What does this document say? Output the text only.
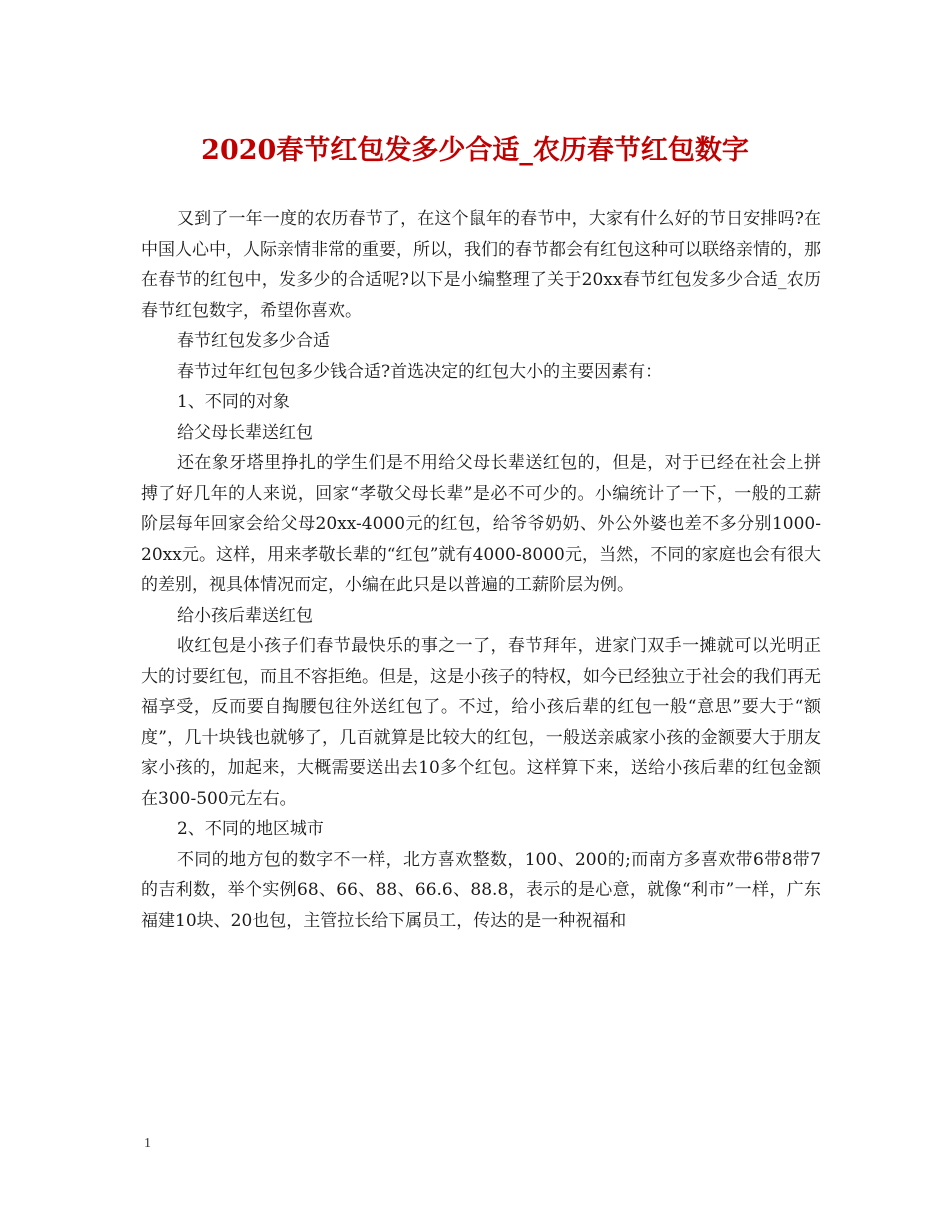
2020春节红包发多少合适_农历春节红包数字

又到了一年一度的农历春节了，在这个鼠年的春节中，大家有什么好的节日安排吗?在中国人心中，人际亲情非常的重要，所以，我们的春节都会有红包这种可以联络亲情的，那在春节的红包中，发多少的合适呢?以下是小编整理了关于20xx春节红包发多少合适_农历春节红包数字，希望你喜欢。

春节红包发多少合适

春节过年红包包多少钱合适?首选决定的红包大小的主要因素有：

1、不同的对象

给父母长辈送红包

还在象牙塔里挣扎的学生们是不用给父母长辈送红包的，但是，对于已经在社会上拼搏了好几年的人来说，回家“孝敬父母长辈”是必不可少的。小编统计了一下，一般的工薪阶层每年回家会给父母20xx-4000元的红包，给爷爷奶奶、外公外婆也差不多分别1000-20xx元。这样，用来孝敬长辈的“红包”就有4000-8000元，当然，不同的家庭也会有很大的差别，视具体情况而定，小编在此只是以普遍的工薪阶层为例。

给小孩后辈送红包

收红包是小孩子们春节最快乐的事之一了，春节拜年，进家门双手一摊就可以光明正大的讨要红包，而且不容拒绝。但是，这是小孩子的特权，如今已经独立于社会的我们再无福享受，反而要自掏腰包往外送红包了。不过，给小孩后辈的红包一般“意思”要大于“额度”，几十块钱也就够了，几百就算是比较大的红包，一般送亲戚家小孩的金额要大于朋友家小孩的，加起来，大概需要送出去10多个红包。这样算下来，送给小孩后辈的红包金额在300-500元左右。

2、不同的地区城市

不同的地方包的数字不一样，北方喜欢整数，100、200的;而南方多喜欢带6带8带7的吉利数，举个实例68、66、88、66.6、88.8，表示的是心意，就像“利市”一样，广东福建10块、20也包，主管拉长给下属员工，传达的是一种祝福和

1
